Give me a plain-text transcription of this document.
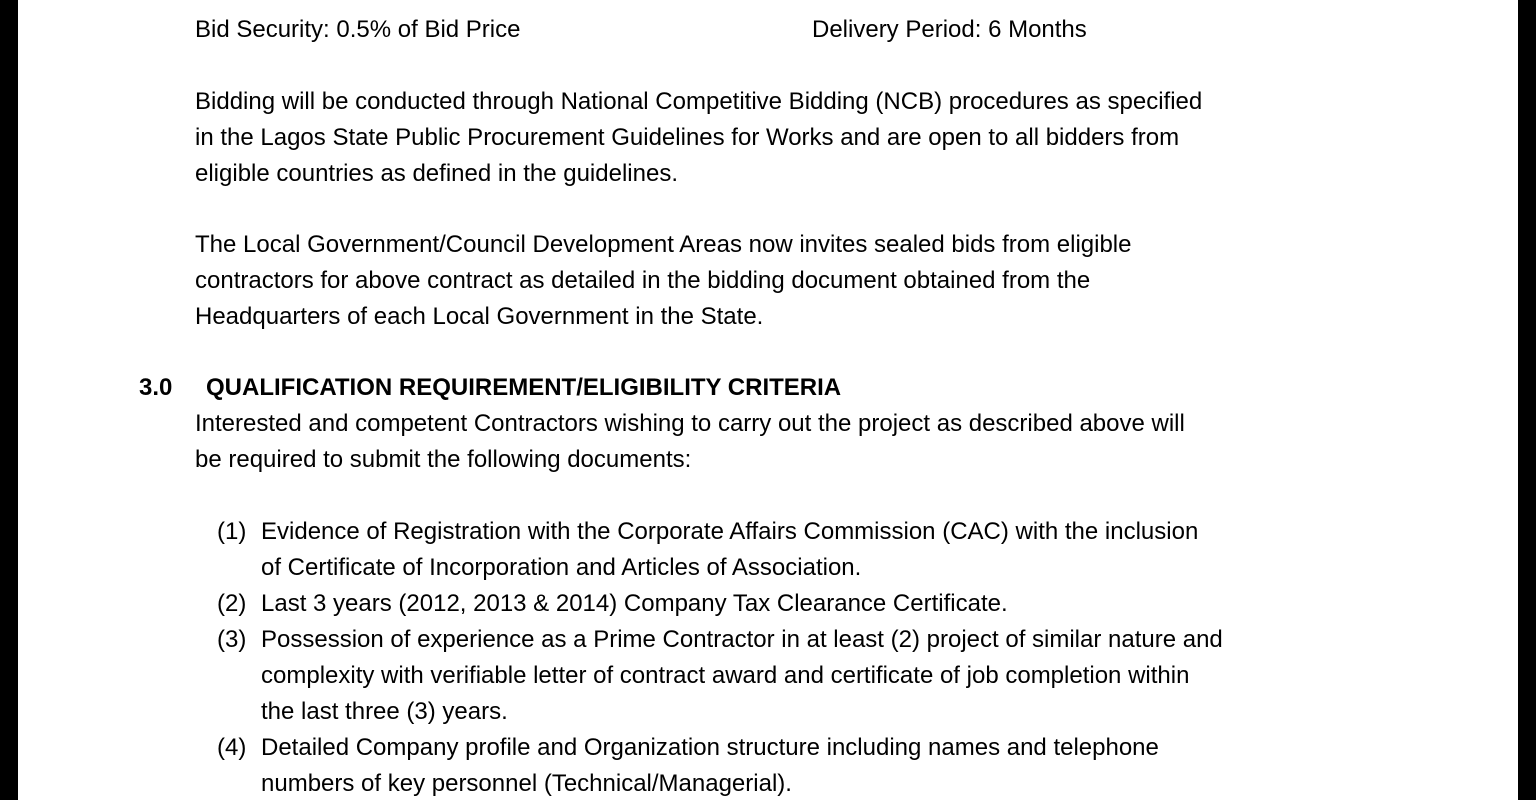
Bid Security: 0.5% of Bid Price	Delivery Period: 6 Months
Bidding will be conducted through National Competitive Bidding (NCB) procedures as specified
in the Lagos State Public Procurement Guidelines for Works and are open to all bidders from
eligible countries as defined in the guidelines.
The Local Government/Council Development Areas now invites sealed bids from eligible
contractors for above contract as detailed in the bidding document obtained from the
Headquarters of each Local Government in the State.
3.0 QUALIFICATION REQUIREMENT/ELIGIBILITY CRITERIA
Interested and competent Contractors wishing to carry out the project as described above will
be required to submit the following documents:
(1) Evidence of Registration with the Corporate Affairs Commission (CAC) with the inclusion
of Certificate of Incorporation and Articles of Association.
(2) Last 3 years (2012, 2013 & 2014) Company Tax Clearance Certificate.
(3) Possession of experience as a Prime Contractor in at least (2) project of similar nature and
complexity with verifiable letter of contract award and certificate of job completion within
the last three (3) years.
(4) Detailed Company profile and Organization structure including names and telephone
numbers of key personnel (Technical/Managerial).
